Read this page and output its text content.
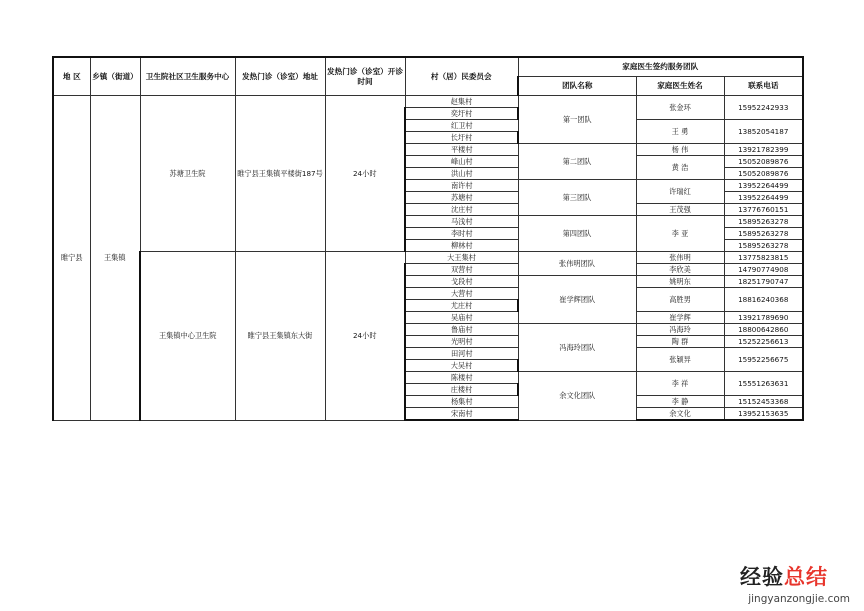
地 区	乡镇（街道）	卫生院社区卫生服务中心	发热门诊（诊室）地址	发热门诊（诊室）开诊时间	村（居）民委员会	家庭医生签约服务团队		
						团队名称	家庭医生姓名	联系电话
睢宁县	王集镇	苏塘卫生院	睢宁县王集镇平楼街187号	24小时	赵集村	第一团队	张金环	15952242933
					奕圩村			
					红卫村		王 勇	13852054187
					长圩村			
					平楼村	第二团队	杨 伟	13921782399
					峰山村		黄 浩	15052089876
					洪山村			15052089876
					南许村	第三团队	许瑞红	13952264499
					苏塘村			13952264499
					沈庄村		王茂强	13776760151
					马浅村	第四团队	李 亚	15895263278
					李时村			15895263278
					柳林村			15895263278
		王集镇中心卫生院	睢宁县王集镇东大街	24小时	大王集村	张伟明团队	张伟明	13775823815
					双营村		李欣美	14790774908
					戈段村	崔学辉团队	姚明东	18251790747
					大营村		高胜男	18816240368
					尤庄村			
					吴庙村		崔学辉	13921789690
					鲁庙村	冯海玲团队	冯海玲	18800642860
					光明村		陶 群	15252256613
					田河村		张颖异	15952256675
					大吴村			
					陈楼村	余文化团队	李 祥	15551263631
					庄楼村			
					杨集村		李 静	15152453368
					宋南村		余文化	13952153635
经验总结
jingyanzongjie.com
